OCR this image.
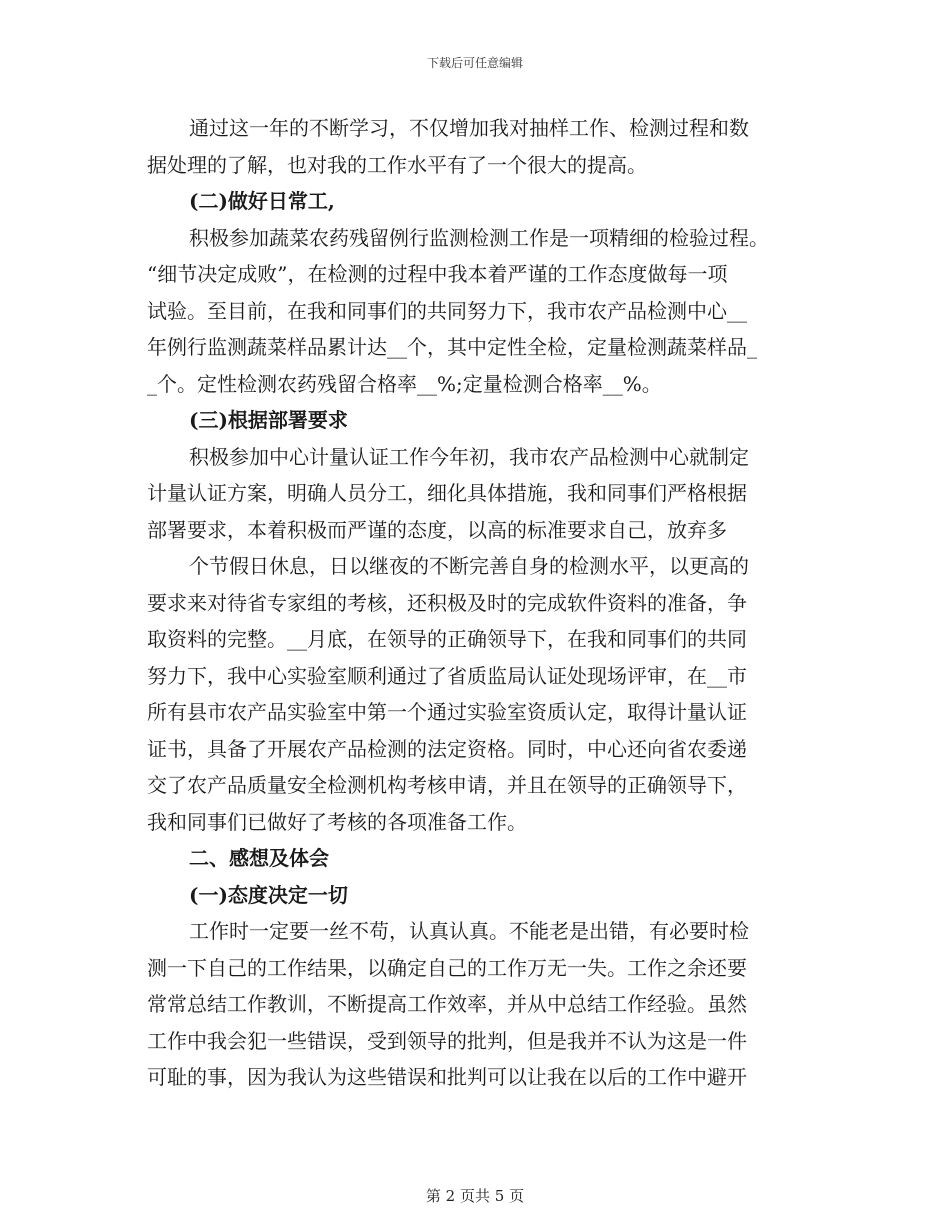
下载后可任意编辑
通过这一年的不断学习，不仅增加我对抽样工作、检测过程和数
据处理的了解，也对我的工作水平有了一个很大的提高。
(二)做好日常工,
积极参加蔬菜农药残留例行监测检测工作是一项精细的检验过程。
“细节决定成败”，在检测的过程中我本着严谨的工作态度做每一项
试验。至目前，在我和同事们的共同努力下，我市农产品检测中心__
年例行监测蔬菜样品累计达__个，其中定性全检，定量检测蔬菜样品_
_个。定性检测农药残留合格率__%;定量检测合格率__%。
(三)根据部署要求
积极参加中心计量认证工作今年初，我市农产品检测中心就制定
计量认证方案，明确人员分工，细化具体措施，我和同事们严格根据
部署要求，本着积极而严谨的态度，以高的标准要求自己，放弃多
个节假日休息，日以继夜的不断完善自身的检测水平，以更高的
要求来对待省专家组的考核，还积极及时的完成软件资料的准备，争
取资料的完整。__月底，在领导的正确领导下，在我和同事们的共同
努力下，我中心实验室顺利通过了省质监局认证处现场评审，在__市
所有县市农产品实验室中第一个通过实验室资质认定，取得计量认证
证书，具备了开展农产品检测的法定资格。同时，中心还向省农委递
交了农产品质量安全检测机构考核申请，并且在领导的正确领导下，
我和同事们已做好了考核的各项准备工作。
二、感想及体会
(一)态度决定一切
工作时一定要一丝不苟，认真认真。不能老是出错，有必要时检
测一下自己的工作结果，以确定自己的工作万无一失。工作之余还要
常常总结工作教训，不断提高工作效率，并从中总结工作经验。虽然
工作中我会犯一些错误，受到领导的批判，但是我并不认为这是一件
可耻的事，因为我认为这些错误和批判可以让我在以后的工作中避开
第 2 页共 5 页
